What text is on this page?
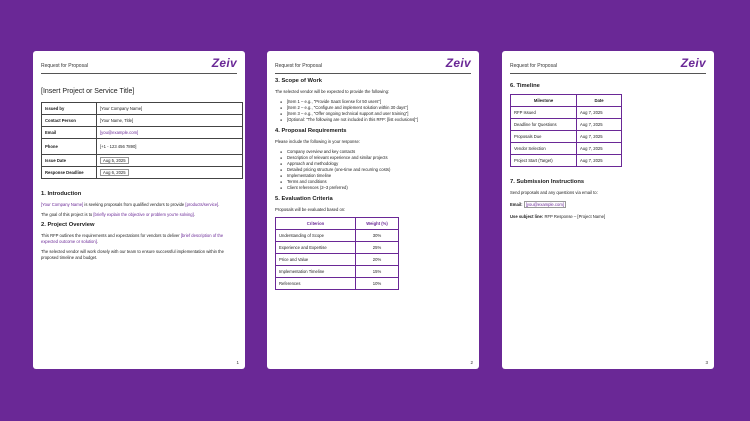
Request for Proposal	Zeiv
[Insert Project or Service Title]
Issued by	[Your Company Name]
Contact Person	[Your Name, Title]
Email	[you@example.com]
Phone	[+1 - 123 456 7890]
Issue Date	Aug 5, 2025
Response Deadline	Aug 6, 2025
1. Introduction

[Your Company Name] is seeking proposals from qualified vendors to provide [products/service].

The goal of this project is to [briefly explain the objective or problem you're solving].

2. Project Overview

This RFP outlines the requirements and expectations for vendors to deliver [brief description of the expected outcome or solution].

The selected vendor will work closely with our team to ensure successful implementation within the proposed timeline and budget.

1
Request for Proposal	Zeiv
3. Scope of Work

The selected vendor will be expected to provide the following:

● [Item 1 – e.g., "Provide SaaS license for 50 users"]
● [Item 2 – e.g., "Configure and implement solution within 30 days"]
● [Item 3 – e.g., "Offer ongoing technical support and user training"]
● [Optional: "The following are not included in this RFP: [list exclusions]"]
4. Proposal Requirements

Please include the following in your response:

● Company overview and key contacts
● Description of relevant experience and similar projects
● Approach and methodology
● Detailed pricing structure (one-time and recurring costs)
● Implementation timeline
● Terms and conditions
● Client references (2–3 preferred)
5. Evaluation Criteria

Proposals will be evaluated based on:

Criterion	Weight (%)
Understanding of Scope	30%
Experience and Expertise	25%
Price and Value	20%
Implementation Timeline	15%
References	10%
2
Request for Proposal	Zeiv
6. Timeline
Milestone	Date
RFP Issued	Aug 7, 2025
Deadline for Questions	Aug 7, 2025
Proposals Due	Aug 7, 2025
Vendor Selection	Aug 7, 2025
Project Start (Target)	Aug 7, 2025
7. Submission Instructions

Send proposals and any questions via email to:

Email: [you@example.com]

Use subject line: RFP Response – [Project Name]

3
